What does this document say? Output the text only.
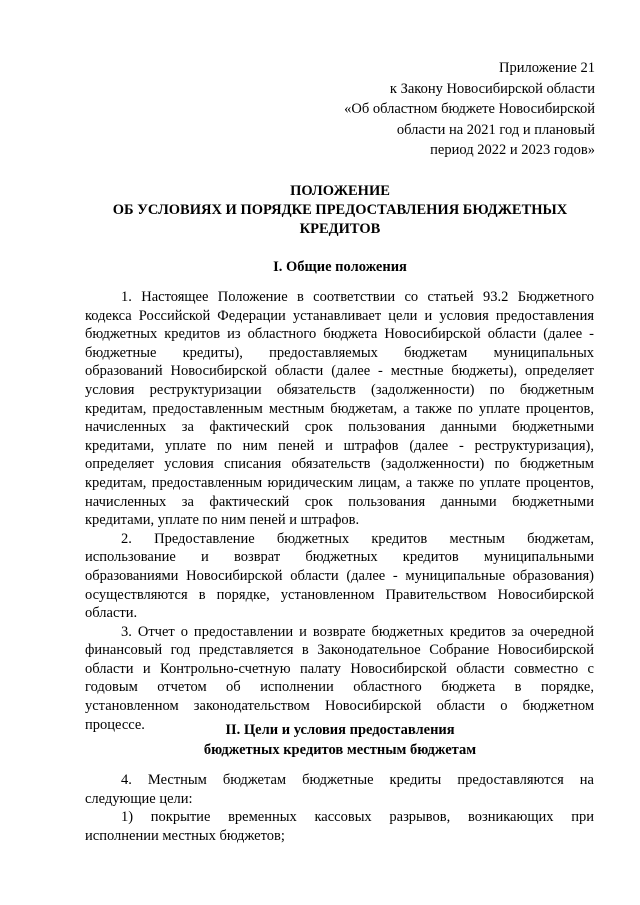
Приложение 21
к Закону Новосибирской области
«Об областном бюджете Новосибирской
области на 2021 год и плановый
период 2022 и 2023 годов»
ПОЛОЖЕНИЕ
ОБ УСЛОВИЯХ И ПОРЯДКЕ ПРЕДОСТАВЛЕНИЯ БЮДЖЕТНЫХ
КРЕДИТОВ
I. Общие положения
1. Настоящее Положение в соответствии со статьей 93.2 Бюджетного
кодекса Российской Федерации устанавливает цели и условия предоставления
бюджетных кредитов из областного бюджета Новосибирской области (далее -
бюджетные кредиты), предоставляемых бюджетам муниципальных
образований Новосибирской области (далее - местные бюджеты), определяет
условия реструктуризации обязательств (задолженности) по бюджетным
кредитам, предоставленным местным бюджетам, а также по уплате процентов,
начисленных за фактический срок пользования данными бюджетными
кредитами, уплате по ним пеней и штрафов (далее - реструктуризация),
определяет условия списания обязательств (задолженности) по бюджетным
кредитам, предоставленным юридическим лицам, а также по уплате процентов,
начисленных за фактический срок пользования данными бюджетными
кредитами, уплате по ним пеней и штрафов.
2. Предоставление бюджетных кредитов местным бюджетам,
использование и возврат бюджетных кредитов муниципальными
образованиями Новосибирской области (далее - муниципальные образования)
осуществляются в порядке, установленном Правительством Новосибирской
области.
3. Отчет о предоставлении и возврате бюджетных кредитов за очередной
финансовый год представляется в Законодательное Собрание Новосибирской
области и Контрольно-счетную палату Новосибирской области совместно с
годовым отчетом об исполнении областного бюджета в порядке,
установленном законодательством Новосибирской области о бюджетном
процессе.	II. Цели и условия предоставления
бюджетных кредитов местным бюджетам
4. Местным бюджетам бюджетные кредиты предоставляются на
следующие цели:
1) покрытие временных кассовых разрывов, возникающих при
исполнении местных бюджетов;
